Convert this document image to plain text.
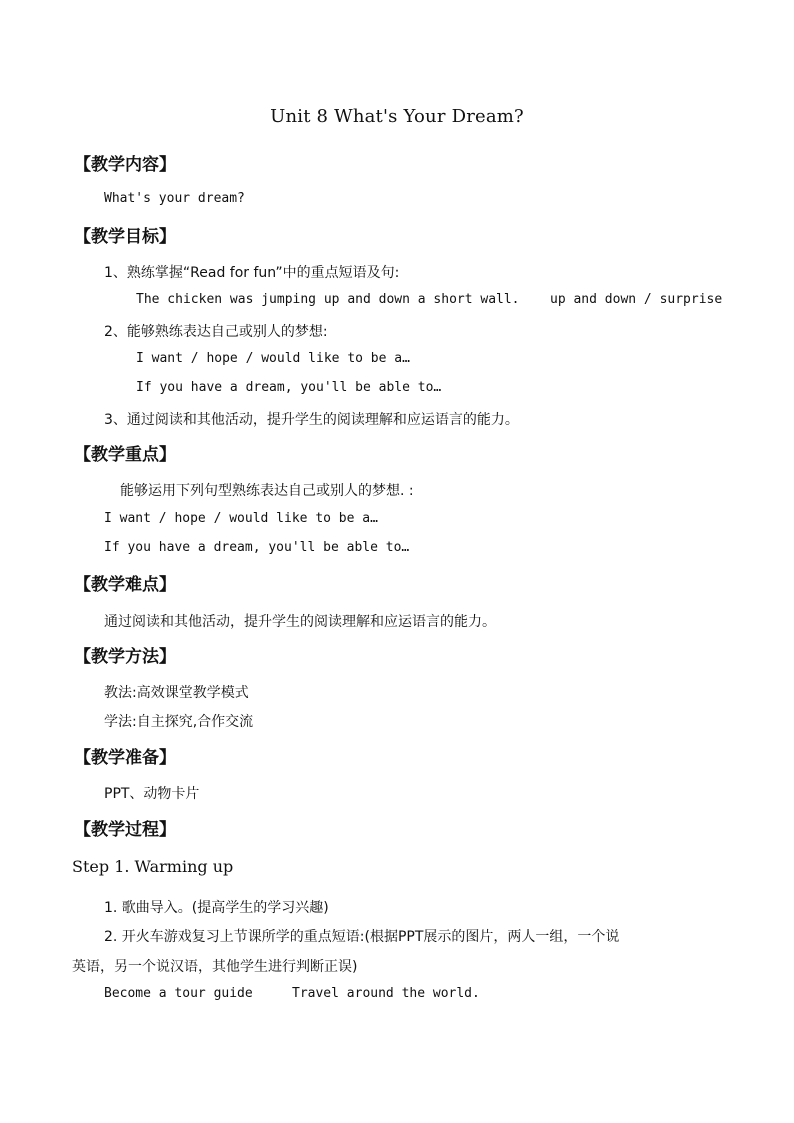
Unit 8 What's Your Dream?
【教学内容】
What's your dream?
【教学目标】
1、熟练掌握“Read for fun”中的重点短语及句:
The chicken was jumping up and down a short wall. up and down / surprise
2、能够熟练表达自己或别人的梦想:
I want / hope / would like to be a…
If you have a dream, you'll be able to…
3、通过阅读和其他活动，提升学生的阅读理解和应运语言的能力。
【教学重点】
能够运用下列句型熟练表达自己或别人的梦想. :
I want / hope / would like to be a…
If you have a dream, you'll be able to…
【教学难点】
通过阅读和其他活动，提升学生的阅读理解和应运语言的能力。
【教学方法】
教法:高效课堂教学模式
学法:自主探究,合作交流
【教学准备】
PPT、动物卡片
【教学过程】
Step 1. Warming up
1. 歌曲导入。(提高学生的学习兴趣)
2. 开火车游戏复习上节课所学的重点短语:(根据PPT展示的图片，两人一组，一个说
英语，另一个说汉语，其他学生进行判断正误)
Become a tour guide	Travel around the world.
